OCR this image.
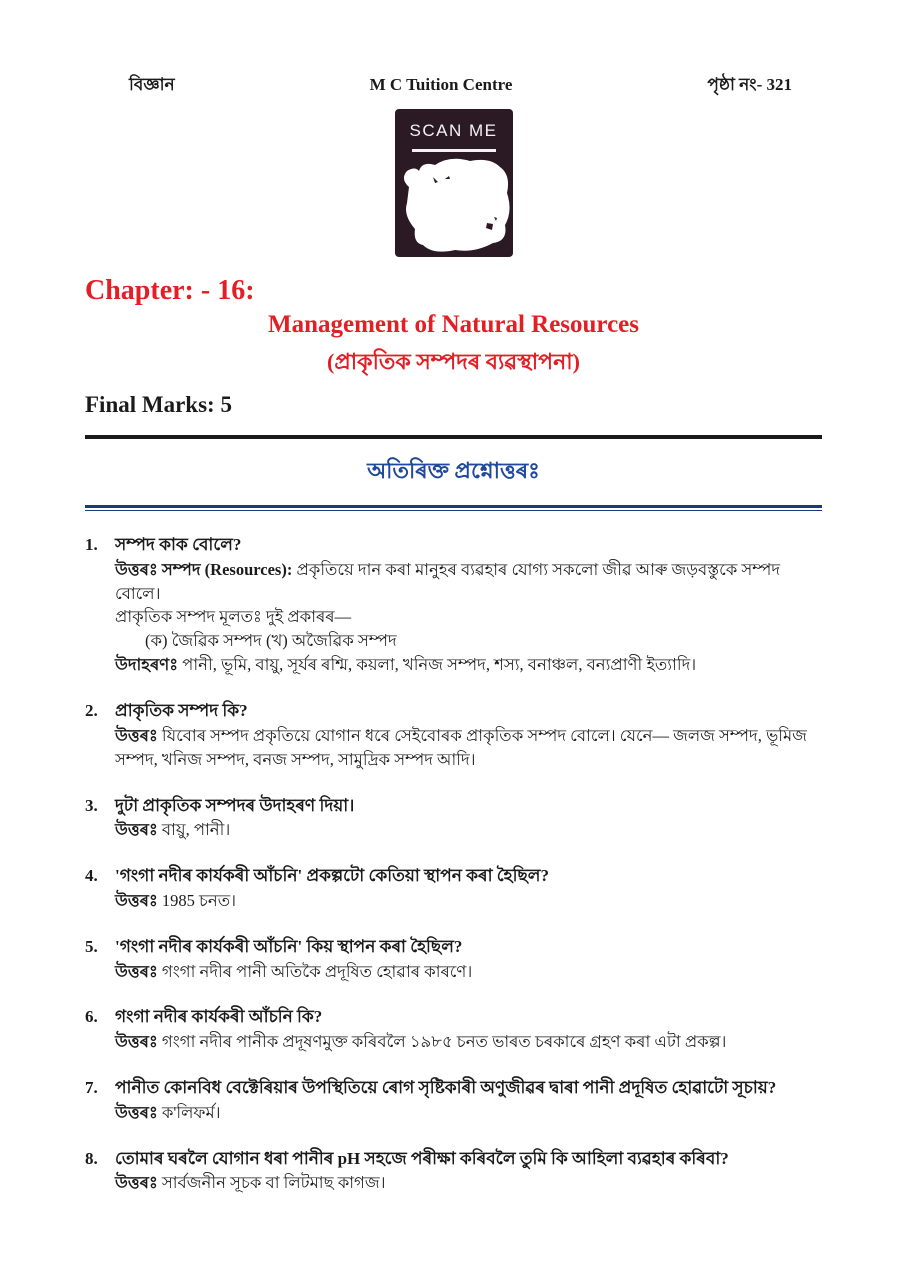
বিজ্ঞান	M C Tuition Centre	পৃষ্ঠা নং- 321
SCAN ME
Chapter: - 16:
Management of Natural Resources
(প্ৰাকৃতিক সম্পদৰ ব্যৱস্থাপনা)
Final Marks: 5
অতিৰিক্ত প্ৰশ্নোত্তৰঃ
1.	সম্পদ কাক বোলে?
উত্তৰঃ সম্পদ (Resources): প্ৰকৃতিয়ে দান কৰা মানুহৰ ব্যৱহাৰ যোগ্য সকলো জীৱ আৰু জড়বস্তুকে সম্পদ বোলে।
প্ৰাকৃতিক সম্পদ মূলতঃ দুই প্ৰকাৰৰ—
(ক) জৈৱিক সম্পদ (খ) অজৈৱিক সম্পদ
উদাহৰণঃ পানী, ভূমি, বায়ু, সূৰ্যৰ ৰশ্মি, কয়লা, খনিজ সম্পদ, শস্য, বনাঞ্চল, বন্যপ্ৰাণী ইত্যাদি।
2.	প্ৰাকৃতিক সম্পদ কি?
উত্তৰঃ যিবোৰ সম্পদ প্ৰকৃতিয়ে যোগান ধৰে সেইবোৰক প্ৰাকৃতিক সম্পদ বোলে। যেনে— জলজ সম্পদ, ভূমিজ সম্পদ, খনিজ সম্পদ, বনজ সম্পদ, সামুদ্ৰিক সম্পদ আদি।
3.	দুটা প্ৰাকৃতিক সম্পদৰ উদাহৰণ দিয়া।
উত্তৰঃ বায়ু, পানী।
4.	'গংগা নদীৰ কাৰ্যকৰী আঁচনি' প্ৰকল্পটো কেতিয়া স্থাপন কৰা হৈছিল?
উত্তৰঃ 1985 চনত।
5.	'গংগা নদীৰ কাৰ্যকৰী আঁচনি' কিয় স্থাপন কৰা হৈছিল?
উত্তৰঃ গংগা নদীৰ পানী অতিকৈ প্ৰদূষিত হোৱাৰ কাৰণে।
6.	গংগা নদীৰ কাৰ্যকৰী আঁচনি কি?
উত্তৰঃ গংগা নদীৰ পানীক প্ৰদূষণমুক্ত কৰিবলৈ ১৯৮৫ চনত ভাৰত চৰকাৰে গ্ৰহণ কৰা এটা প্ৰকল্প।
7.	পানীত কোনবিধ বেক্টেৰিয়াৰ উপস্থিতিয়ে ৰোগ সৃষ্টিকাৰী অণুজীৱৰ দ্বাৰা পানী প্ৰদূষিত হোৱাটো সূচায়?
উত্তৰঃ ক'লিফৰ্ম।
8.	তোমাৰ ঘৰলৈ যোগান ধৰা পানীৰ pH সহজে পৰীক্ষা কৰিবলৈ তুমি কি আহিলা ব্যৱহাৰ কৰিবা?
উত্তৰঃ সাৰ্বজনীন সূচক বা লিটমাছ কাগজ।
